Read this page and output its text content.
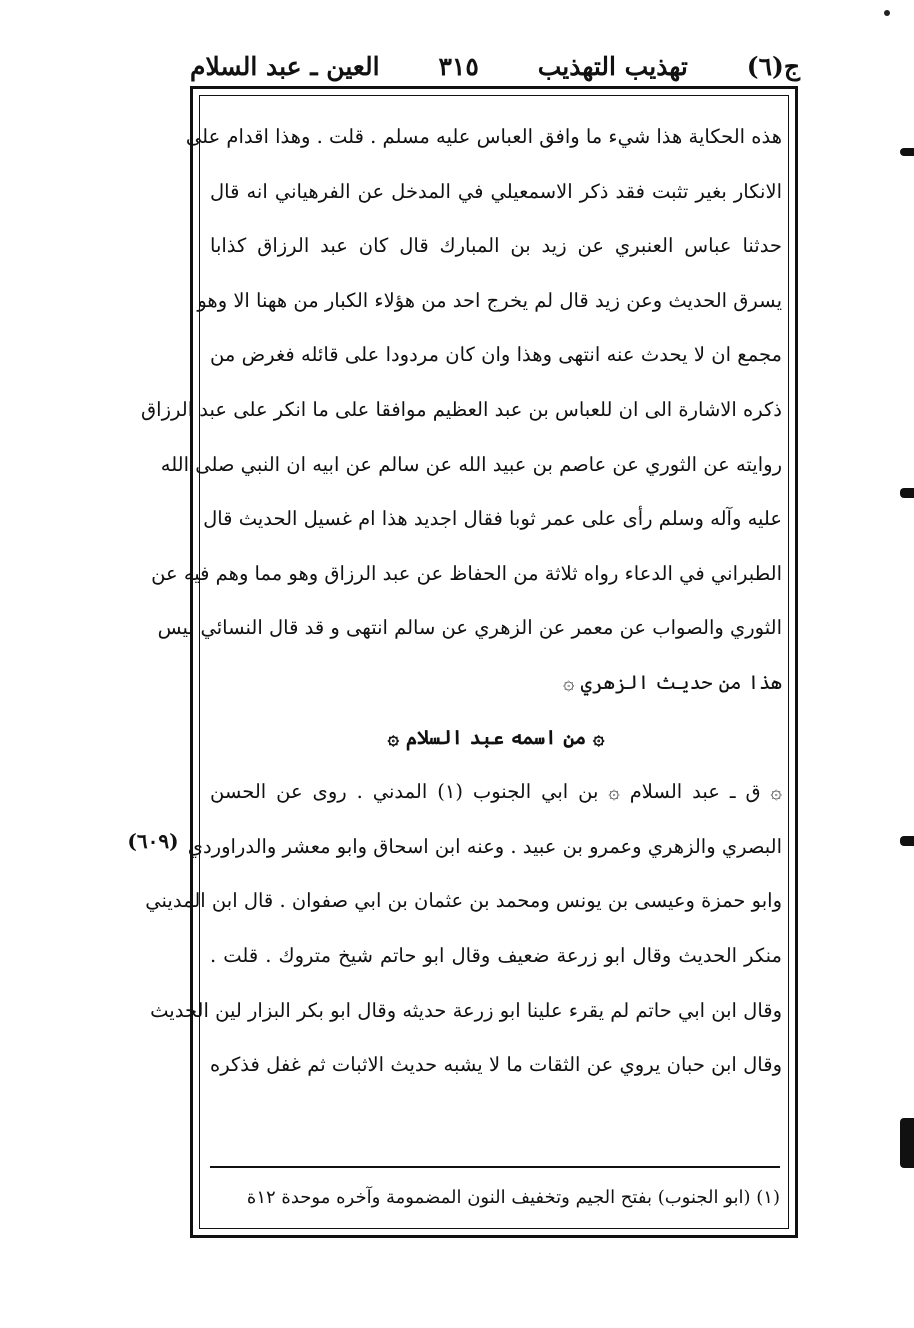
ج(٦)
تهذيب التهذيب
٣١٥
العين ـ عبد السلام
هذه الحكاية هذا شيء ما وافق العباس عليه مسلم . قلت . وهذا اقدام على
الانكار بغير تثبت فقد ذكر الاسمعيلي في المدخل عن الفرهياني انه قال
حدثنا عباس العنبري عن زيد بن المبارك قال كان عبد الرزاق كذابا
يسرق الحديث وعن زيد قال لم يخرج احد من هؤلاء الكبار من ههنا الا وهو
مجمع ان لا يحدث عنه انتهى وهذا وان كان مردودا على قائله فغرض من
ذكره الاشارة الى ان للعباس بن عبد العظيم موافقا على ما انكر على عبد الرزاق
روايته عن الثوري عن عاصم بن عبيد الله عن سالم عن ابيه ان النبي صلى الله
عليه وآله وسلم رأى على عمر ثوبا فقال اجديد هذا ام غسيل الحديث قال
الطبراني في الدعاء رواه ثلاثة من الحفاظ عن عبد الرزاق وهو مما وهم فيه عن
الثوري والصواب عن معمر عن الزهري عن سالم انتهى و قد قال النسائي ليس
هذا من حديث الزهري ۞
۞ من اسمه عبد السلام ۞
۞ ق ـ عبد السلام ۞ بن ابي الجنوب (١) المدني . روى عن الحسن
البصري والزهري وعمرو بن عبيد . وعنه ابن اسحاق وابو معشر والدراوردي
وابو حمزة وعيسى بن يونس ومحمد بن عثمان بن ابي صفوان . قال ابن المديني
منكر الحديث وقال ابو زرعة ضعيف وقال ابو حاتم شيخ متروك . قلت .
وقال ابن ابي حاتم لم يقرء علينا ابو زرعة حديثه وقال ابو بكر البزار لين الحديث
وقال ابن حبان يروي عن الثقات ما لا يشبه حديث الاثبات ثم غفل فذكره
(٦٠٩)
(١) (ابو الجنوب) بفتح الجيم وتخفيف النون المضمومة وآخره موحدة ١٢ة
